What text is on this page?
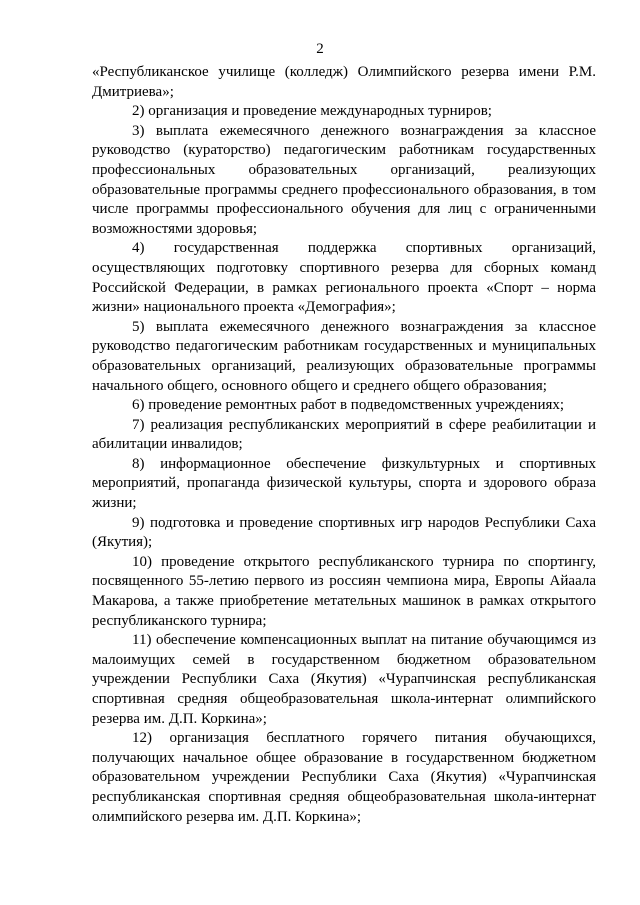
2

«Республиканское училище (колледж) Олимпийского резерва имени Р.М. Дмитриева»;

2) организация и проведение международных турниров;

3) выплата ежемесячного денежного вознаграждения за классное руководство (кураторство) педагогическим работникам государственных профессиональных образовательных организаций, реализующих образовательные программы среднего профессионального образования, в том числе программы профессионального обучения для лиц с ограниченными возможностями здоровья;

4) государственная поддержка спортивных организаций, осуществляющих подготовку спортивного резерва для сборных команд Российской Федерации, в рамках регионального проекта «Спорт – норма жизни» национального проекта «Демография»;

5) выплата ежемесячного денежного вознаграждения за классное руководство педагогическим работникам государственных и муниципальных образовательных организаций, реализующих образовательные программы начального общего, основного общего и среднего общего образования;

6) проведение ремонтных работ в подведомственных учреждениях;

7) реализация республиканских мероприятий в сфере реабилитации и абилитации инвалидов;

8) информационное обеспечение физкультурных и спортивных мероприятий, пропаганда физической культуры, спорта и здорового образа жизни;

9) подготовка и проведение спортивных игр народов Республики Саха (Якутия);

10) проведение открытого республиканского турнира по спортингу, посвященного 55-летию первого из россиян чемпиона мира, Европы Айаала Макарова, а также приобретение метательных машинок в рамках открытого республиканского турнира;

11) обеспечение компенсационных выплат на питание обучающимся из малоимущих семей в государственном бюджетном образовательном учреждении Республики Саха (Якутия) «Чурапчинская республиканская спортивная средняя общеобразовательная школа-интернат олимпийского резерва им. Д.П. Коркина»;

12) организация бесплатного горячего питания обучающихся, получающих начальное общее образование в государственном бюджетном образовательном учреждении Республики Саха (Якутия) «Чурапчинская республиканская спортивная средняя общеобразовательная школа-интернат олимпийского резерва им. Д.П. Коркина»;
